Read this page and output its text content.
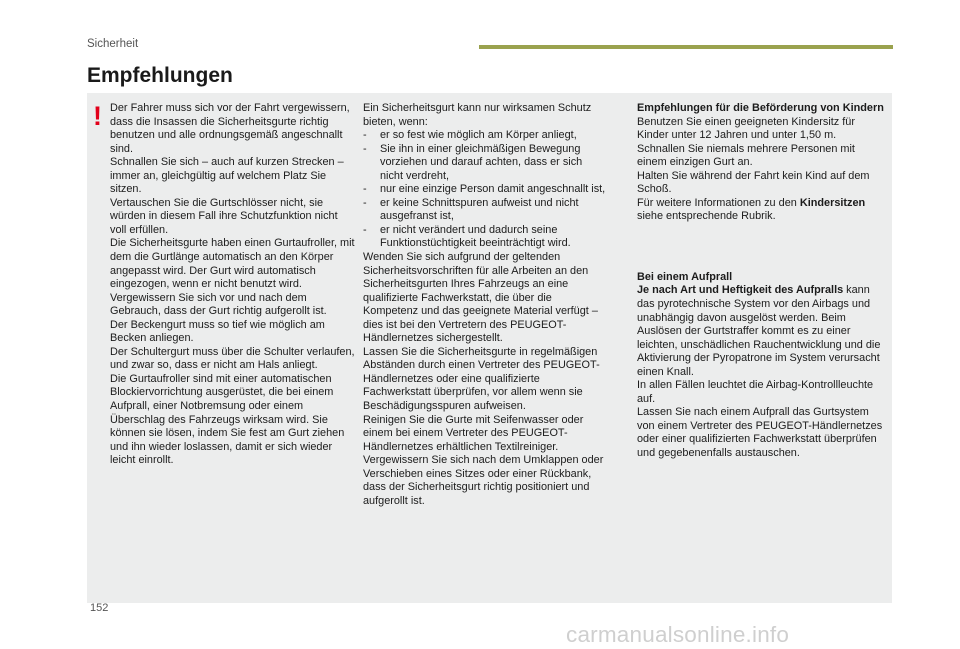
Sicherheit
Empfehlungen
! Der Fahrer muss sich vor der Fahrt vergewissern, dass die Insassen die Sicherheitsgurte richtig benutzen und alle ordnungsgemäß angeschnallt sind.

Schnallen Sie sich – auch auf kurzen Strecken – immer an, gleichgültig auf welchem Platz Sie sitzen.

Vertauschen Sie die Gurtschlösser nicht, sie würden in diesem Fall ihre Schutzfunktion nicht voll erfüllen.

Die Sicherheitsgurte haben einen Gurtaufroller, mit dem die Gurtlänge automatisch an den Körper angepasst wird. Der Gurt wird automatisch eingezogen, wenn er nicht benutzt wird.

Vergewissern Sie sich vor und nach dem Gebrauch, dass der Gurt richtig aufgerollt ist.

Der Beckengurt muss so tief wie möglich am Becken anliegen.

Der Schultergurt muss über die Schulter verlaufen, und zwar so, dass er nicht am Hals anliegt.

Die Gurtaufroller sind mit einer automatischen Blockiervorrichtung ausgerüstet, die bei einem Aufprall, einer Notbremsung oder einem Überschlag des Fahrzeugs wirksam wird. Sie können sie lösen, indem Sie fest am Gurt ziehen und ihn wieder loslassen, damit er sich wieder leicht einrollt.

Ein Sicherheitsgurt kann nur wirksamen Schutz bieten, wenn:

- er so fest wie möglich am Körper anliegt,
- Sie ihn in einer gleichmäßigen Bewegung vorziehen und darauf achten, dass er sich nicht verdreht,
- nur eine einzige Person damit angeschnallt ist,
- er keine Schnittspuren aufweist und nicht ausgefranst ist,
- er nicht verändert und dadurch seine Funktionstüchtigkeit beeinträchtigt wird.

Wenden Sie sich aufgrund der geltenden Sicherheitsvorschriften für alle Arbeiten an den Sicherheitsgurten Ihres Fahrzeugs an eine qualifizierte Fachwerkstatt, die über die Kompetenz und das geeignete Material verfügt – dies ist bei den Vertretern des PEUGEOT-Händlernetzes sichergestellt.

Lassen Sie die Sicherheitsgurte in regelmäßigen Abständen durch einen Vertreter des PEUGEOT-Händlernetzes oder eine qualifizierte Fachwerkstatt überprüfen, vor allem wenn sie Beschädigungsspuren aufweisen.

Reinigen Sie die Gurte mit Seifenwasser oder einem bei einem Vertreter des PEUGEOT-Händlernetzes erhältlichen Textilreiniger.

Vergewissern Sie sich nach dem Umklappen oder Verschieben eines Sitzes oder einer Rückbank, dass der Sicherheitsgurt richtig positioniert und aufgerollt ist.

Empfehlungen für die Beförderung von Kindern

Benutzen Sie einen geeigneten Kindersitz für Kinder unter 12 Jahren und unter 1,50 m.

Schnallen Sie niemals mehrere Personen mit einem einzigen Gurt an.

Halten Sie während der Fahrt kein Kind auf dem Schoß.

Für weitere Informationen zu den Kindersitzen siehe entsprechende Rubrik.

Bei einem Aufprall

Je nach Art und Heftigkeit des Aufpralls kann das pyrotechnische System vor den Airbags und unabhängig davon ausgelöst werden. Beim Auslösen der Gurtstraffer kommt es zu einer leichten, unschädlichen Rauchentwicklung und die Aktivierung der Pyropatrone im System verursacht einen Knall.

In allen Fällen leuchtet die Airbag-Kontrollleuchte auf.

Lassen Sie nach einem Aufprall das Gurtsystem von einem Vertreter des PEUGEOT-Händlernetzes oder einer qualifizierten Fachwerkstatt überprüfen und gegebenenfalls austauschen.

152
carmanualsonline.info
